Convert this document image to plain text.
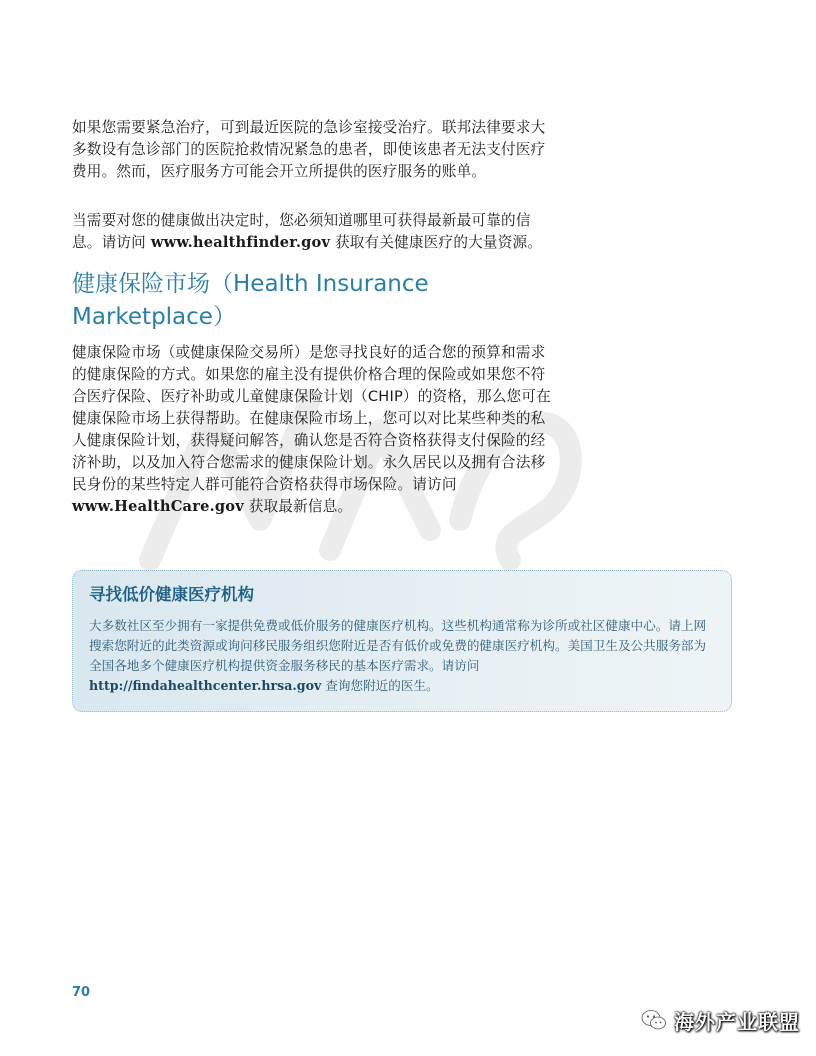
如果您需要紧急治疗，可到最近医院的急诊室接受治疗。联邦法律要求大多数设有急诊部门的医院抢救情况紧急的患者，即使该患者无法支付医疗费用。然而，医疗服务方可能会开立所提供的医疗服务的账单。

当需要对您的健康做出决定时，您必须知道哪里可获得最新最可靠的信息。请访问 www.healthfinder.gov 获取有关健康医疗的大量资源。

健康保险市场（Health Insurance Marketplace）

健康保险市场（或健康保险交易所）是您寻找良好的适合您的预算和需求的健康保险的方式。如果您的雇主没有提供价格合理的保险或如果您不符合医疗保险、医疗补助或儿童健康保险计划（CHIP）的资格，那么您可在健康保险市场上获得帮助。在健康保险市场上，您可以对比某些种类的私人健康保险计划，获得疑问解答，确认您是否符合资格获得支付保险的经济补助，以及加入符合您需求的健康保险计划。永久居民以及拥有合法移民身份的某些特定人群可能符合资格获得市场保险。请访问 www.HealthCare.gov 获取最新信息。

寻找低价健康医疗机构

大多数社区至少拥有一家提供免费或低价服务的健康医疗机构。这些机构通常称为诊所或社区健康中心。请上网搜索您附近的此类资源或询问移民服务组织您附近是否有低价或免费的健康医疗机构。美国卫生及公共服务部为全国各地多个健康医疗机构提供资金服务移民的基本医疗需求。请访问 http://findahealthcenter.hrsa.gov 查询您附近的医生。

70
海外产业联盟
